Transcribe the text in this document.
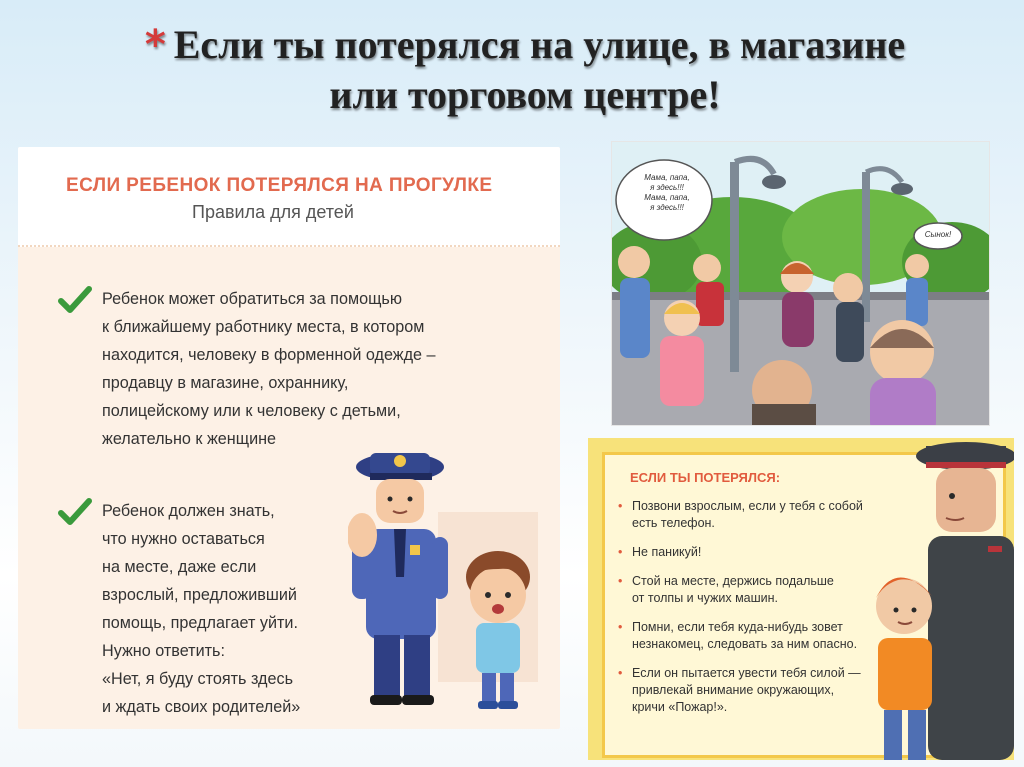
* Если ты потерялся на улице, в магазине
или торговом центре!
ЕСЛИ РЕБЕНОК ПОТЕРЯЛСЯ НА ПРОГУЛКЕ
Правила для детей
Ребенок может обратиться за помощью
к ближайшему работнику места, в котором
находится, человеку в форменной одежде –
продавцу в магазине, охраннику,
полицейскому или к человеку с детьми,
желательно к женщине
Ребенок должен знать,
что нужно оставаться
на месте, даже если
взрослый, предложивший
помощь, предлагает уйти.
Нужно ответить:
«Нет, я буду стоять здесь
и ждать своих родителей»
Мама, папа,
я здесь!!!
Мама, папа,
я здесь!!!
Сынок!
ЕСЛИ ТЫ ПОТЕРЯЛСЯ:
• Позвони взрослым, если у тебя с собой
есть телефон.
• Не паникуй!
• Стой на месте, держись подальше
от толпы и чужих машин.
• Помни, если тебя куда-нибудь зовет
незнакомец, следовать за ним опасно.
• Если он пытается увести тебя силой —
привлекай внимание окружающих,
кричи «Пожар!».
